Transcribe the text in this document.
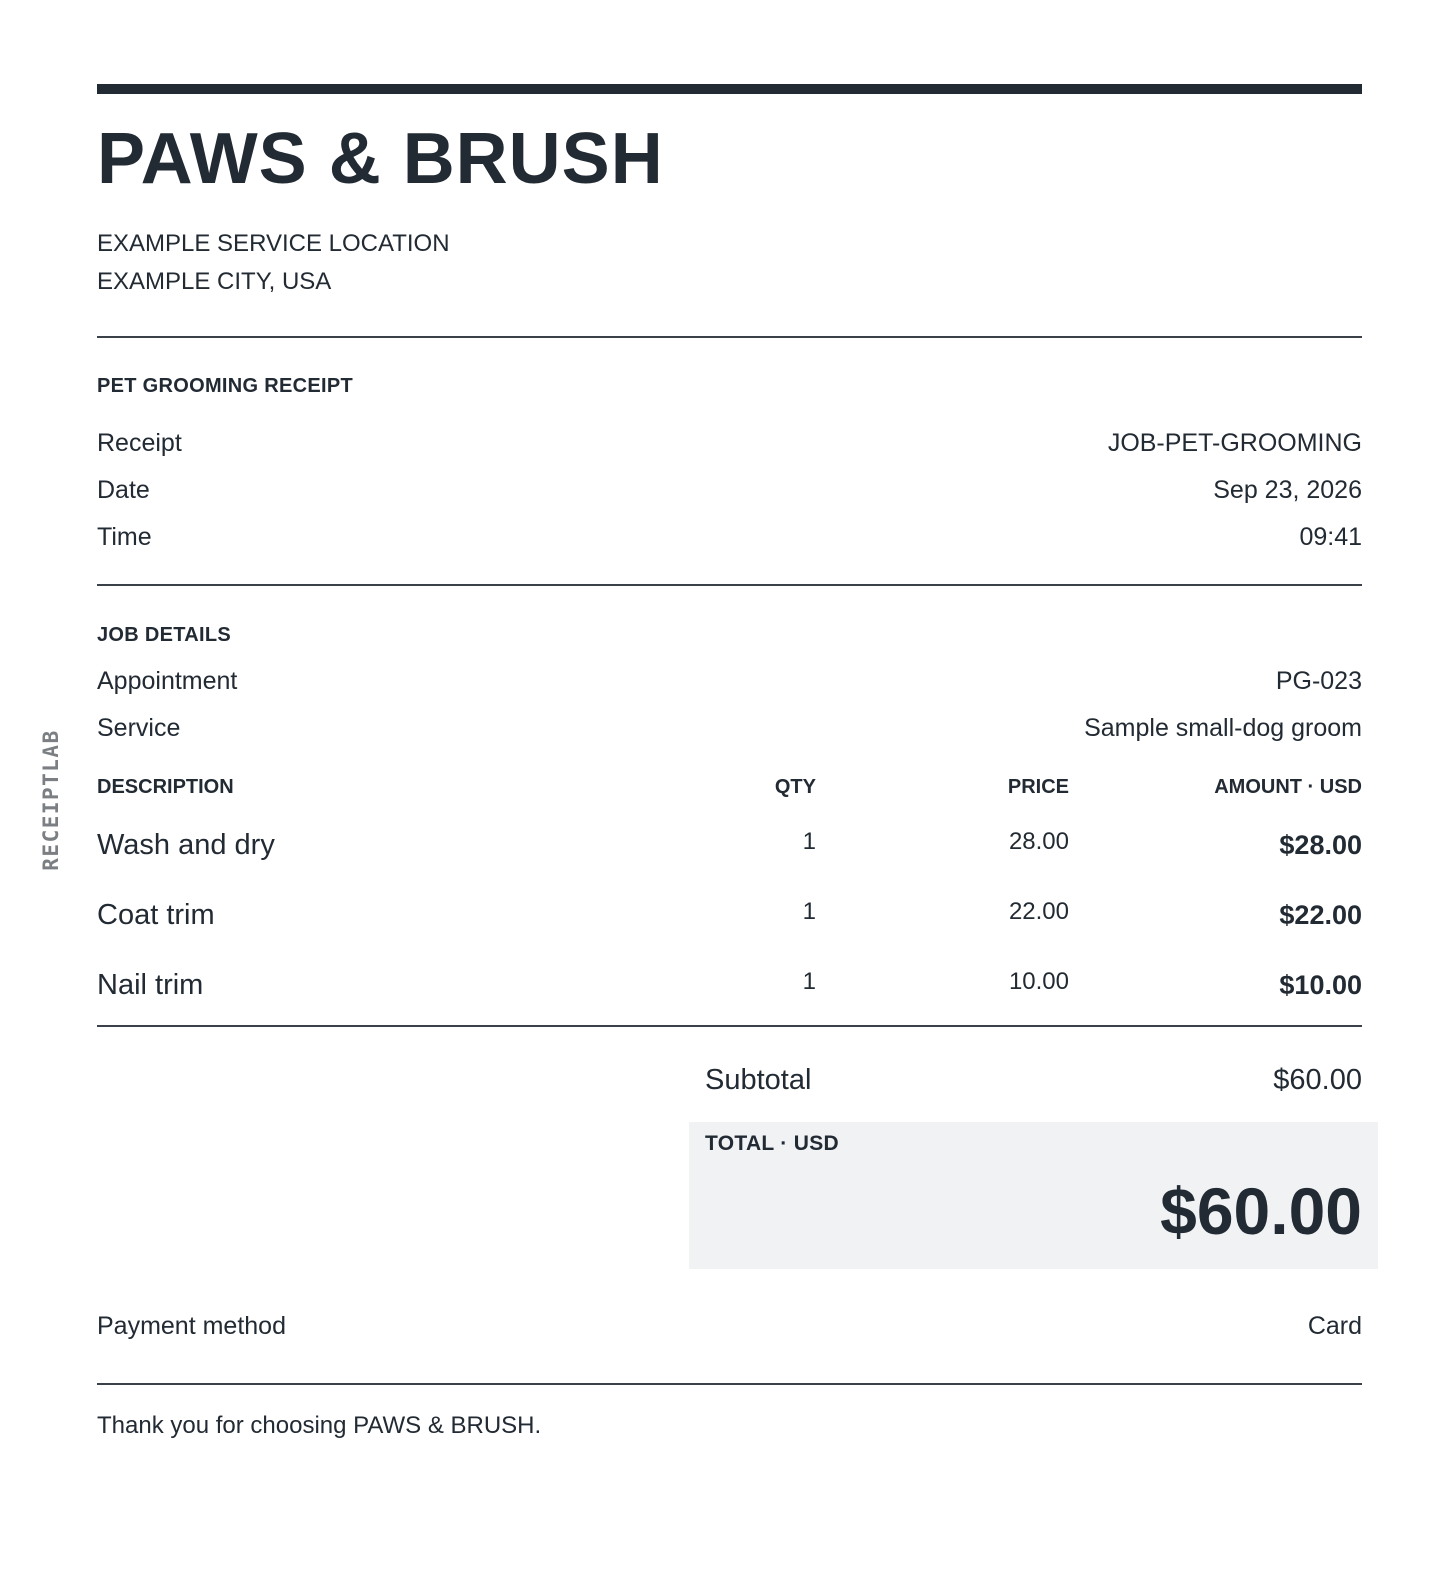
RECEIPTLAB
PAWS & BRUSH
EXAMPLE SERVICE LOCATION
EXAMPLE CITY, USA
PET GROOMING RECEIPT
Receipt	JOB-PET-GROOMING
Date	Sep 23, 2026
Time	09:41
JOB DETAILS
Appointment	PG-023
Service	Sample small-dog groom
DESCRIPTION	QTY	PRICE	AMOUNT · USD
Wash and dry	1	28.00	$28.00
Coat trim	1	22.00	$22.00
Nail trim	1	10.00	$10.00
Subtotal	$60.00
TOTAL · USD
$60.00
Payment method	Card
Thank you for choosing PAWS & BRUSH.
